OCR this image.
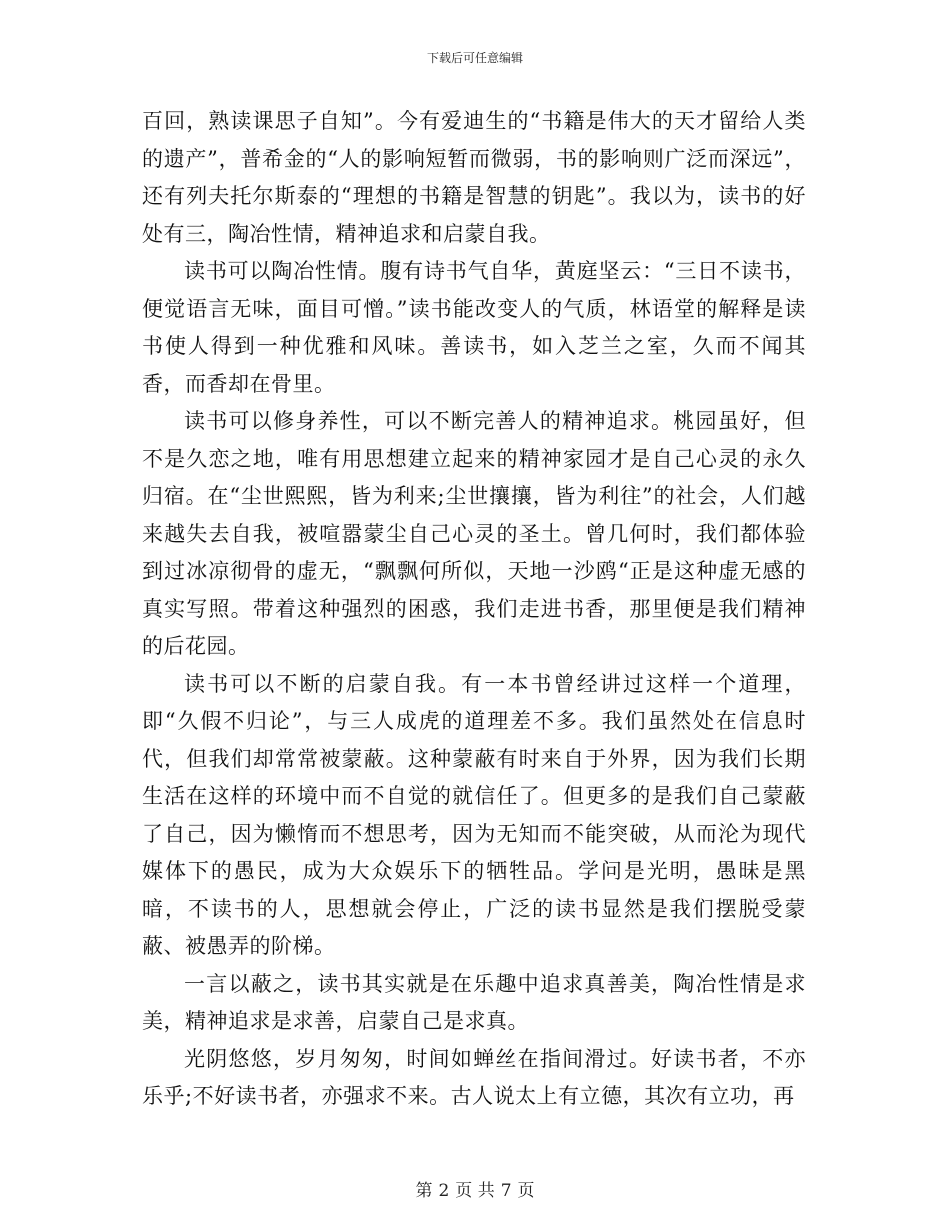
下载后可任意编辑

百回，熟读课思子自知”。今有爱迪生的“书籍是伟大的天才留给人类的遗产”，普希金的“人的影响短暂而微弱，书的影响则广泛而深远”，还有列夫托尔斯泰的“理想的书籍是智慧的钥匙”。我以为，读书的好处有三，陶冶性情，精神追求和启蒙自我。

读书可以陶冶性情。腹有诗书气自华，黄庭坚云：“三日不读书，便觉语言无味，面目可憎。”读书能改变人的气质，林语堂的解释是读书使人得到一种优雅和风味。善读书，如入芝兰之室，久而不闻其香，而香却在骨里。

读书可以修身养性，可以不断完善人的精神追求。桃园虽好，但不是久恋之地，唯有用思想建立起来的精神家园才是自己心灵的永久归宿。在“尘世熙熙，皆为利来;尘世攘攘，皆为利往”的社会，人们越来越失去自我，被喧嚣蒙尘自己心灵的圣土。曾几何时，我们都体验到过冰凉彻骨的虚无，“飘飘何所似，天地一沙鸥“正是这种虚无感的真实写照。带着这种强烈的困惑，我们走进书香，那里便是我们精神的后花园。

读书可以不断的启蒙自我。有一本书曾经讲过这样一个道理，即“久假不归论”，与三人成虎的道理差不多。我们虽然处在信息时代，但我们却常常被蒙蔽。这种蒙蔽有时来自于外界，因为我们长期生活在这样的环境中而不自觉的就信任了。但更多的是我们自己蒙蔽了自己，因为懒惰而不想思考，因为无知而不能突破，从而沦为现代媒体下的愚民，成为大众娱乐下的牺牲品。学问是光明，愚昧是黑暗，不读书的人，思想就会停止，广泛的读书显然是我们摆脱受蒙蔽、被愚弄的阶梯。

一言以蔽之，读书其实就是在乐趣中追求真善美，陶冶性情是求美，精神追求是求善，启蒙自己是求真。

光阴悠悠，岁月匆匆，时间如蝉丝在指间滑过。好读书者，不亦乐乎;不好读书者，亦强求不来。古人说太上有立德，其次有立功，再

第 2 页 共 7 页
